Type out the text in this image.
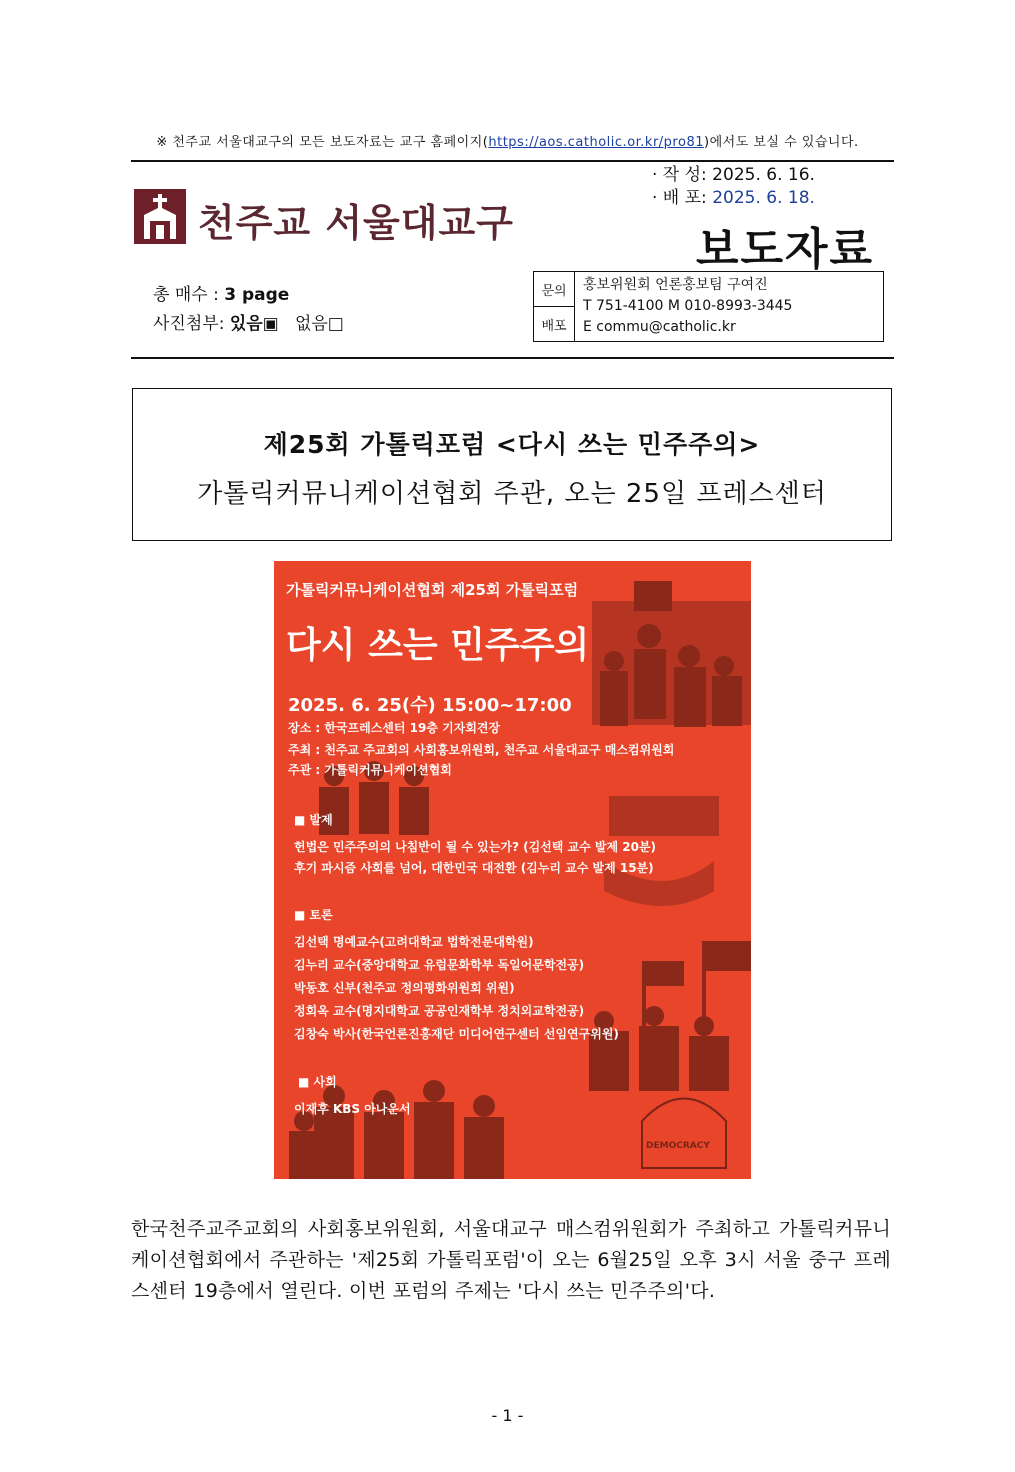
※ 천주교 서울대교구의 모든 보도자료는 교구 홈페이지(https://aos.catholic.or.kr/pro81)에서도 보실 수 있습니다.
천주교 서울대교구
· 작 성: 2025. 6. 16.
· 배 포: 2025. 6. 18.
보도자료
총 매수 : 3 page
사진첨부: 있음▣ 없음□
문의	홍보위원회 언론홍보팀 구여진
T 751-4100 M 010-8993-3445
E commu@catholic.kr

배포
제25회 가톨릭포럼 <다시 쓰는 민주주의>
가톨릭커뮤니케이션협회 주관, 오는 25일 프레스센터
가톨릭커뮤니케이션협회 제25회 가톨릭포럼
다시 쓰는 민주주의
2025. 6. 25(수) 15:00~17:00
장소 : 한국프레스센터 19층 기자회견장
주최 : 천주교 주교회의 사회홍보위원회, 천주교 서울대교구 매스컴위원회
주관 : 가톨릭커뮤니케이션협회
■ 발제
헌법은 민주주의의 나침반이 될 수 있는가? (김선택 교수 발제 20분)
후기 파시즘 사회를 넘어, 대한민국 대전환 (김누리 교수 발제 15분)
■ 토론
김선택 명예교수(고려대학교 법학전문대학원)
김누리 교수(중앙대학교 유럽문화학부 독일어문학전공)
박동호 신부(천주교 정의평화위원회 위원)
정회옥 교수(명지대학교 공공인재학부 정치외교학전공)
김창숙 박사(한국언론진흥재단 미디어연구센터 선임연구위원)
■ 사회
이재후 KBS 아나운서
DEMOCRACY
한국천주교주교회의 사회홍보위원회, 서울대교구 매스컴위원회가 주최하고 가톨릭커뮤니케이션협회에서 주관하는 '제25회 가톨릭포럼'이 오는 6월25일 오후 3시 서울 중구 프레스센터 19층에서 열린다. 이번 포럼의 주제는 '다시 쓰는 민주주의'다.
- 1 -
